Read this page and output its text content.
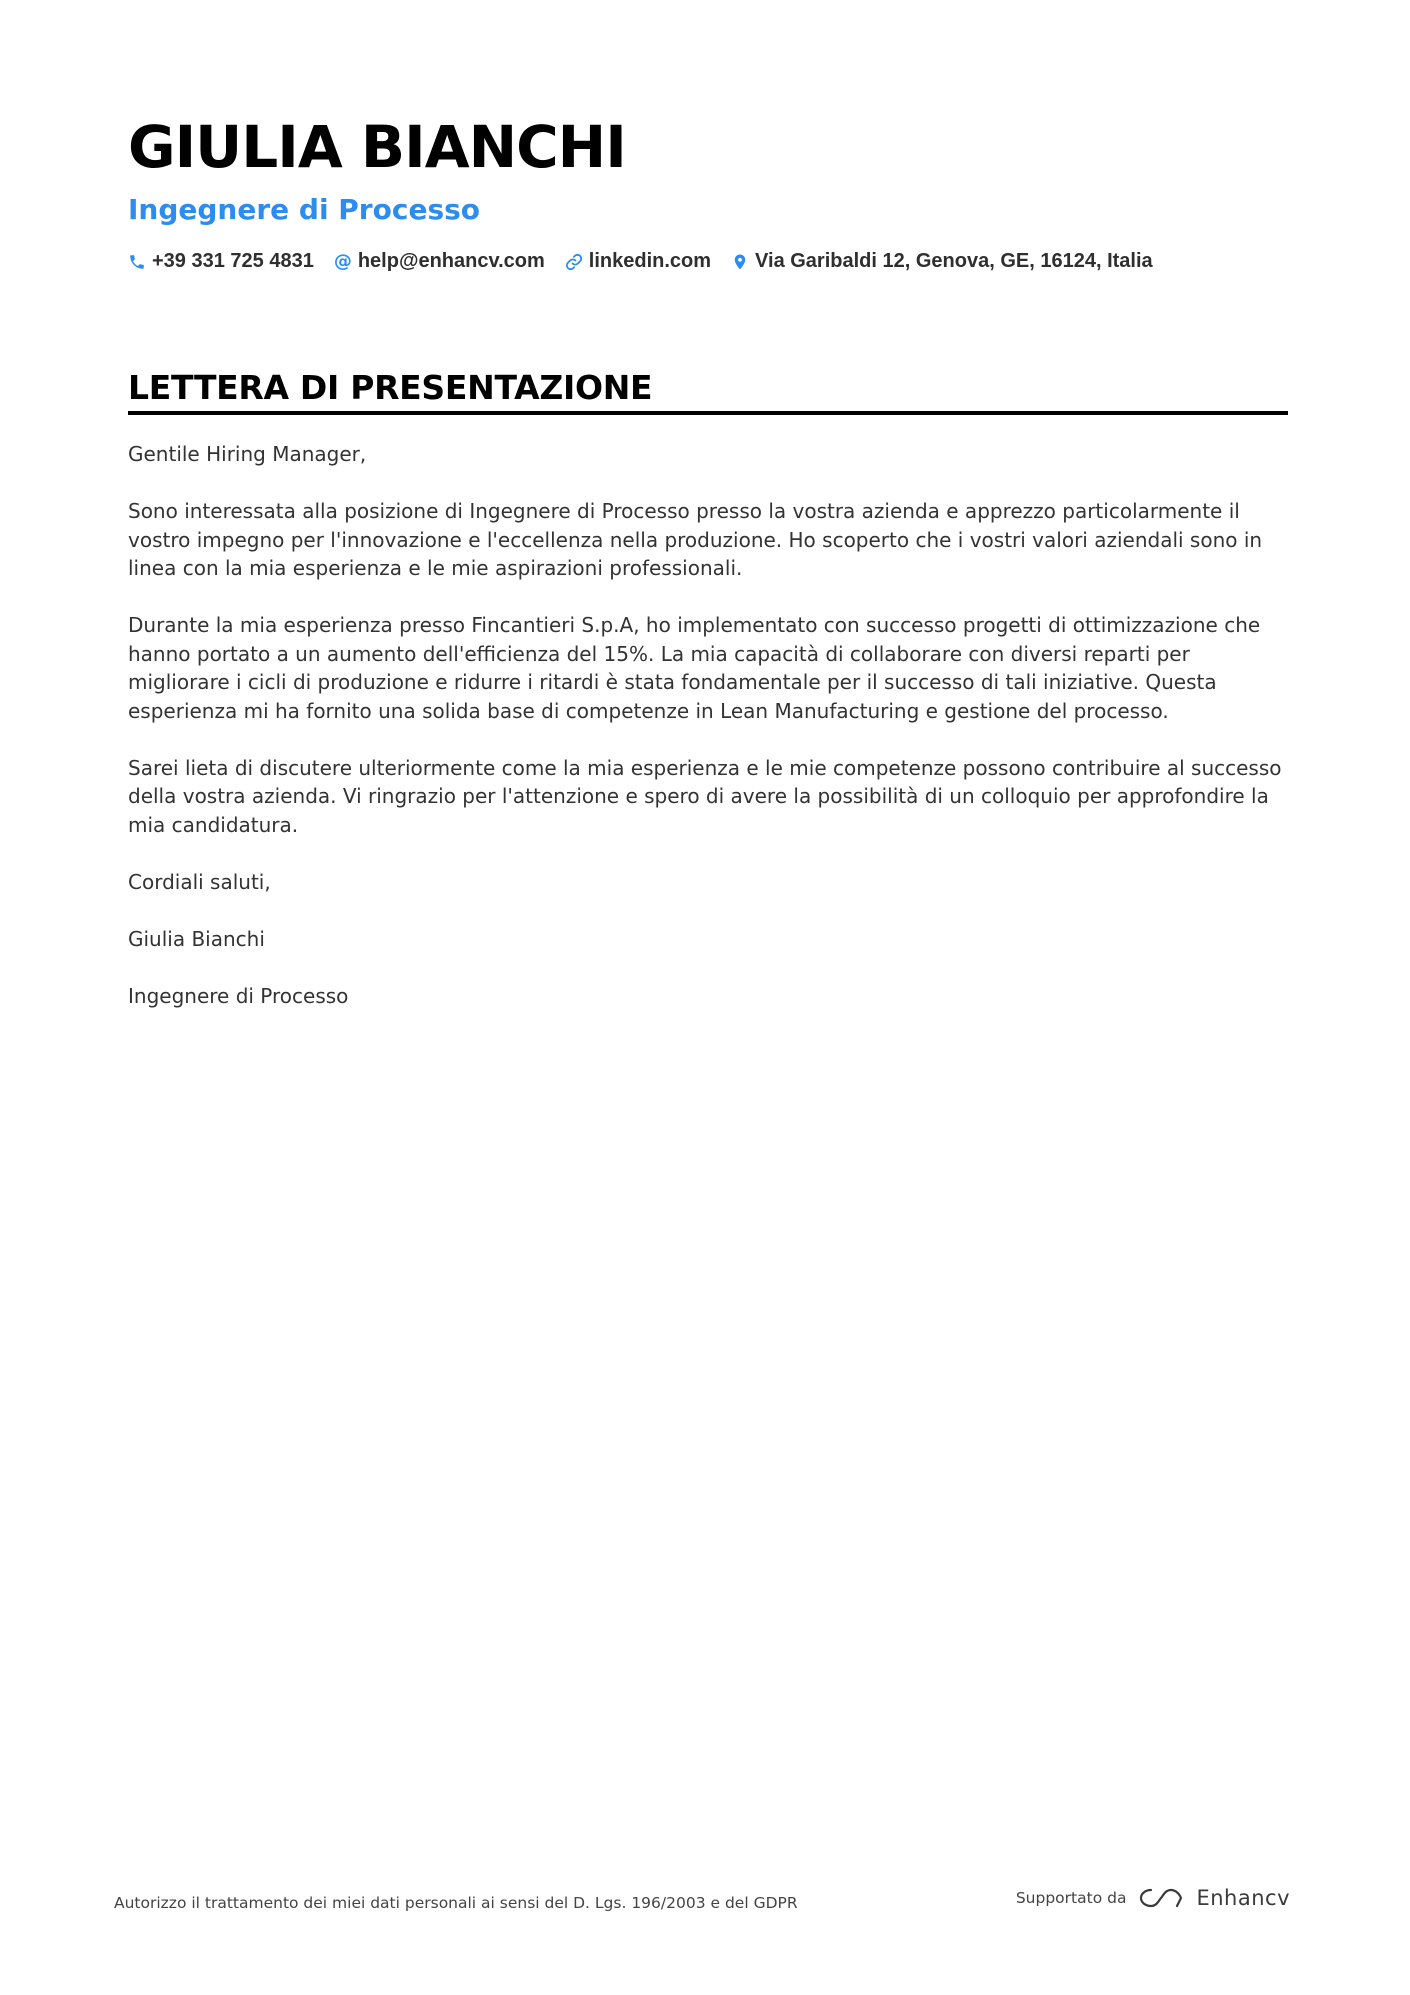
GIULIA BIANCHI
Ingegnere di Processo
+39 331 725 4831 @ help@enhancv.com linkedin.com Via Garibaldi 12, Genova, GE, 16124, Italia
LETTERA DI PRESENTAZIONE

Gentile Hiring Manager,

Sono interessata alla posizione di Ingegnere di Processo presso la vostra azienda e apprezzo particolarmente il vostro impegno per l'innovazione e l'eccellenza nella produzione. Ho scoperto che i vostri valori aziendali sono in linea con la mia esperienza e le mie aspirazioni professionali.

Durante la mia esperienza presso Fincantieri S.p.A, ho implementato con successo progetti di ottimizzazione che hanno portato a un aumento dell'efficienza del 15%. La mia capacità di collaborare con diversi reparti per migliorare i cicli di produzione e ridurre i ritardi è stata fondamentale per il successo di tali iniziative. Questa esperienza mi ha fornito una solida base di competenze in Lean Manufacturing e gestione del processo.

Sarei lieta di discutere ulteriormente come la mia esperienza e le mie competenze possono contribuire al successo della vostra azienda. Vi ringrazio per l'attenzione e spero di avere la possibilità di un colloquio per approfondire la mia candidatura.

Cordiali saluti,

Giulia Bianchi

Ingegnere di Processo

Autorizzo il trattamento dei miei dati personali ai sensi del D. Lgs. 196/2003 e del GDPR	Supportato da	Enhancv
